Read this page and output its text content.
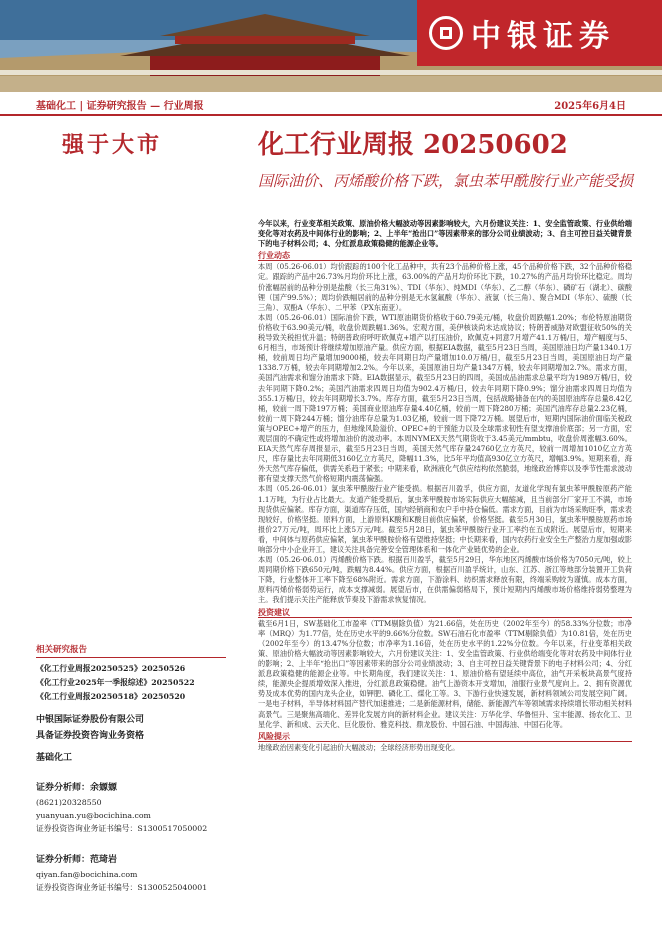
中银证券
基础化工 | 证券研究报告 — 行业周报	2025年6月4日
强于大市	化工行业周报 20250602
国际油价、丙烯酸价格下跌，氯虫苯甲酰胺行业产能受损

今年以来，行业变革相关政策、原油价格大幅波动等因素影响较大，六月份建议关注：1、安全监管政策、行业供给端变化等对农药及中间体行业的影响；2、上半年“抢出口”等因素带来的部分公司业绩波动；3、自主可控日益关键背景下的电子材料公司；4、分红派息政策稳健的能源企业等。

行业动态

本周（05.26-06.01）均价跟踪的100个化工品种中，共有23个品种价格上涨，45个品种价格下跌，32个品种价格稳定。跟踪的产品中26.73%月均价环比上涨，63.00%的产品月均价环比下跌，10.27%的产品月均价环比稳定。周均价涨幅居前的品种分别是盐酸（长三角31%）、TDI（华东）、纯MDI（华东）、乙二醇（华东）、磷矿石（湖北）、碳酸锂（国产99.5%）；周均价跌幅居前的品种分别是无水氢氟酸（华东）、液氯（长三角）、聚合MDI（华东）、硫酸（长三角）、双酚A（华东）、二甲苯（PX东南亚）。

本周（05.26-06.01）国际油价下跌，WTI原油期货价格收于60.79美元/桶，收盘价周跌幅1.20%；布伦特原油期货价格收于63.90美元/桶，收盘价周跌幅1.36%。宏观方面，美伊核谈尚未达成协议；特朗普威胁对欧盟征收50%的关税导致关税担忧升温；特朗普政府呼吁欧佩克+增产以打压油价，欧佩克+同意7月增产41.1万桶/日，增产幅度与5、6月相当，市场预计将继续增加原油产量。供应方面，根据EIA数据，截至5月23日当周，美国原油日均产量1340.1万桶，较前周日均产量增加9000桶，较去年同期日均产量增加10.0万桶/日，截至5月23日当周，美国原油日均产量1338.7万桶，较去年同期增加2.2%。今年以来，美国原油日均产量1347万桶，较去年同期增加2.7%。需求方面，美国汽油需求和馏分油需求下降。EIA数据显示，截至5月23日的四周，美国成品油需求总量平均为1989万桶/日，较去年同期下降0.2%；美国汽油需求四周日均值为902.4万桶/日，较去年同期下降0.9%；馏分油需求四周日均值为355.1万桶/日，较去年同期增长3.7%。库存方面，截至5月23日当周，包括战略储备在内的美国原油库存总量8.42亿桶，较前一周下降197万桶；美国商业原油库存量4.40亿桶，较前一周下降280万桶；美国汽油库存总量2.23亿桶，较前一周下降244万桶；馏分油库存总量为1.03亿桶，较前一周下降72万桶。展望后市，短期内国际油价面临关税政策与OPEC+增产的压力，但地缘风险溢价、OPEC+的干预能力以及全球需求韧性有望支撑油价底部；另一方面，宏观层面的不确定性或将增加油价的波动率。本周NYMEX天然气期货收于3.45美元/mmbtu，收盘价周涨幅3.60%。EIA天然气库存周报显示，截至5月23日当周，美国天然气库存量24760亿立方英尺，较前一周增加1010亿立方英尺，库存量比去年同期低3160亿立方英尺，降幅11.3%，比5年平均值高930亿立方英尺，增幅3.9%。短期来看，海外天然气库存偏低，供需关系趋于紧张；中期来看，欧洲液化气供应结构依然脆弱，地缘政治博弈以及季节性需求波动都有望支撑天然气价格短期内震荡偏强。

本周（05.26-06.01）氯虫苯甲酰胺行业产能受损。根据百川盈孚，供应方面，友道化学现有氯虫苯甲酰胺原药产能1.1万吨，为行业占比最大。友道产能受损后，氯虫苯甲酰胺市场实际供应大幅缩减，且当前部分厂家开工不满，市场现货供应偏紧。库存方面，渠道库存压低，国内经销商和农户手中持仓偏低。需求方面，目前为市场采购旺季，需求表现较好，价格坚挺。原料方面，上游原料K酸和K酸目前供应偏紧，价格坚挺。截至5月30日，氯虫苯甲酰胺原药市场报价27万元/吨，周环比上涨5万元/吨。截至5月28日，氯虫苯甲酰胺行业开工率约在五成附近。展望后市，短期来看，中间体与原药供应偏紧，氯虫苯甲酰胺价格有望维持坚挺；中长期来看，国内农药行业安全生产整治力度加强或影响部分中小企业开工，建议关注具备完善安全管理体系和一体化产业链优势的企业。

本周（05.26-06.01）丙烯酸价格下跌。根据百川盈孚，截至5月29日，华东地区丙烯酸市场价格为7050元/吨，较上周同期价格下跌650元/吨，跌幅为8.44%。供应方面，根据百川盈孚统计，山东、江苏、浙江等地部分装置开工负荷下降，行业整体开工率下降至68%附近。需求方面，下游涂料、纺织需求释放有限，终端采购较为谨慎。成本方面，原料丙烯价格弱势运行，成本支撑减弱。展望后市，在供需偏弱格局下，预计短期内丙烯酸市场价格维持弱势整理为主。我们提示关注产能释放节奏及下游需求恢复情况。

投资建议

截至6月1日，SW基础化工市盈率（TTM剔除负值）为21.66倍，处在历史（2002年至今）的58.33%分位数；市净率（MRQ）为1.77倍，处在历史水平的9.66%分位数。SW石油石化市盈率（TTM剔除负值）为10.81倍，处在历史（2002年至今）的13.47%分位数；市净率为1.16倍，处在历史水平的1.22%分位数。今年以来，行业变革相关政策、原油价格大幅波动等因素影响较大，六月份建议关注：1、安全监管政策、行业供给端变化等对农药及中间体行业的影响；2、上半年“抢出口”等因素带来的部分公司业绩波动；3、自主可控日益关键背景下的电子材料公司；4、分红派息政策稳健的能源企业等。中长期角度，我们建议关注：1、原油价格有望延续中高位，油气开采板块高景气度持续，能源央企提质增效深入推进，分红派息政策稳健。油气上游资本开支增加，油服行业景气度向上。2、拥有资源优势及成本优势的国内龙头企业，如钾肥、磷化工、煤化工等。3、下游行业快速发展，新材料领域公司发展空间广阔。一是电子材料，半导体材料国产替代加速推进；二是新能源材料，储能、新能源汽车等领域需求持续增长带动相关材料高景气。三是聚焦高端化、差异化发展方向的新材料企业。建议关注：万华化学、华鲁恒升、宝丰能源、扬农化工、卫星化学、新和成、云天化、巨化股份、雅克科技、鼎龙股份、中国石油、中国海油、中国石化等。

风险提示

地缘政治因素变化引起油价大幅波动；全球经济形势出现变化。

相关研究报告
《化工行业周报20250525》20250526
《化工行业2025年一季报综述》20250522
《化工行业周报20250518》20250520
中银国际证券股份有限公司
具备证券投资咨询业务资格
基础化工
证券分析师：余嫄嫄
(8621)20328550
yuanyuan.yu@bocichina.com
证券投资咨询业务证书编号：S1300517050002
证券分析师：范琦岩
qiyan.fan@bocichina.com
证券投资咨询业务证书编号：S1300525040001
